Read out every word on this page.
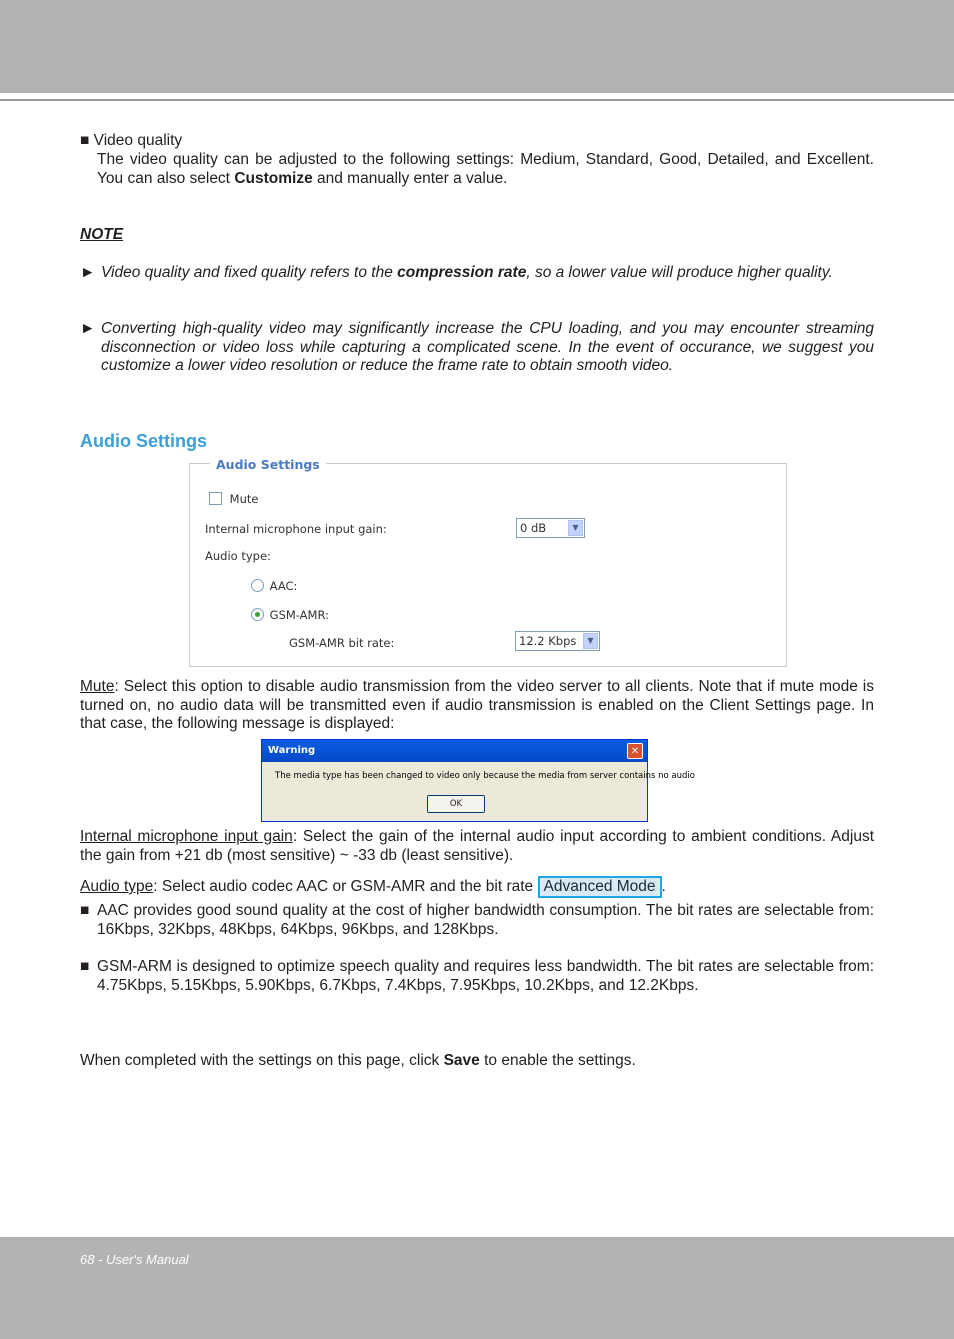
■ Video quality
The video quality can be adjusted to the following settings: Medium, Standard, Good, Detailed, and Excellent. You can also select Customize and manually enter a value.
NOTE
► Video quality and fixed quality refers to the compression rate, so a lower value will produce higher quality.
► Converting high-quality video may significantly increase the CPU loading, and you may encounter streaming disconnection or video loss while capturing a complicated scene. In the event of occurance, we suggest you customize a lower video resolution or reduce the frame rate to obtain smooth video.
Audio Settings
Audio Settings
Mute
Internal microphone input gain:	0 dB	▼
Audio type:
AAC:
GSM-AMR:
GSM-AMR bit rate:	12.2 Kbps	▼
Mute: Select this option to disable audio transmission from the video server to all clients. Note that if mute mode is turned on, no audio data will be transmitted even if audio transmission is enabled on the Client Settings page. In that case, the following message is displayed:
Warning	✕
The media type has been changed to video only because the media from server contains no audio
OK
Internal microphone input gain: Select the gain of the internal audio input according to ambient conditions. Adjust the gain from +21 db (most sensitive) ~ -33 db (least sensitive).
Audio type: Select audio codec AAC or GSM-AMR and the bit rate Advanced Mode .
■ AAC provides good sound quality at the cost of higher bandwidth consumption. The bit rates are selectable from: 16Kbps, 32Kbps, 48Kbps, 64Kbps, 96Kbps, and 128Kbps.
■ GSM-ARM is designed to optimize speech quality and requires less bandwidth. The bit rates are selectable from: 4.75Kbps, 5.15Kbps, 5.90Kbps, 6.7Kbps, 7.4Kbps, 7.95Kbps, 10.2Kbps, and 12.2Kbps.
When completed with the settings on this page, click Save to enable the settings.
68 - User's Manual
